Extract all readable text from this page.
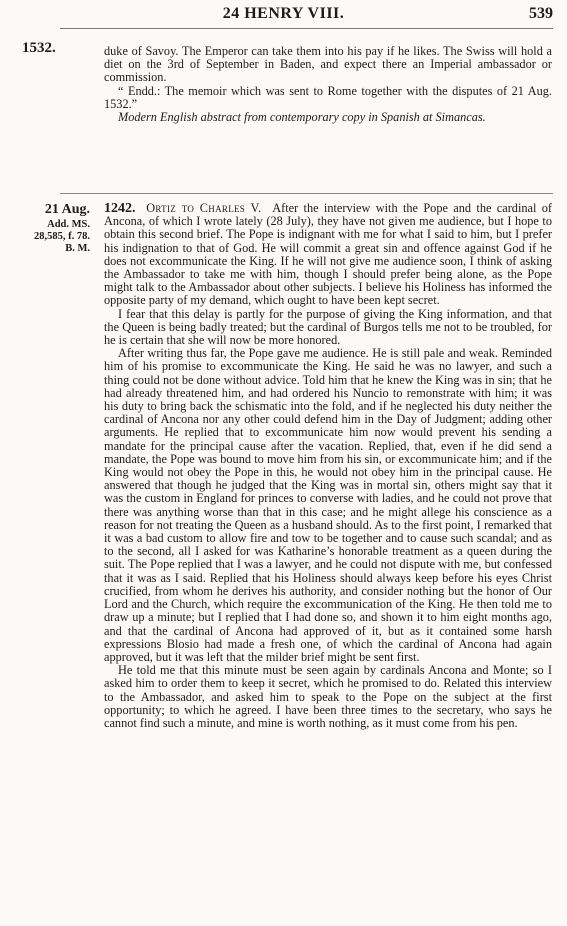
24 HENRY VIII.	539
1532.	duke of Savoy. The Emperor can take them into his pay if he likes. The Swiss will hold a diet on the 3rd of September in Baden, and expect there an Imperial ambassador or commission.

“ Endd.: The memoir which was sent to Rome together with the disputes of 21 Aug. 1532.”

Modern English abstract from contemporary copy in Spanish at Simancas.

21 Aug.
Add. MS.
28,585, f. 78.
B. M.

1242. Ortiz to Charles V. After the interview with the Pope and the cardinal of Ancona, of which I wrote lately (28 July), they have not given me audience, but I hope to obtain this second brief. The Pope is indignant with me for what I said to him, but I prefer his indignation to that of God. He will commit a great sin and offence against God if he does not excommunicate the King. If he will not give me audience soon, I think of asking the Ambassador to take me with him, though I should prefer being alone, as the Pope might talk to the Ambassador about other subjects. I believe his Holiness has informed the opposite party of my demand, which ought to have been kept secret.

I fear that this delay is partly for the purpose of giving the King information, and that the Queen is being badly treated; but the cardinal of Burgos tells me not to be troubled, for he is certain that she will now be more honored.

After writing thus far, the Pope gave me audience. He is still pale and weak. Reminded him of his promise to excommunicate the King. He said he was no lawyer, and such a thing could not be done without advice. Told him that he knew the King was in sin; that he had already threatened him, and had ordered his Nuncio to remonstrate with him; it was his duty to bring back the schismatic into the fold, and if he neglected his duty neither the cardinal of Ancona nor any other could defend him in the Day of Judgment; adding other arguments. He replied that to excommunicate him now would prevent his sending a mandate for the principal cause after the vacation. Replied, that, even if he did send a mandate, the Pope was bound to move him from his sin, or excommunicate him; and if the King would not obey the Pope in this, he would not obey him in the principal cause. He answered that though he judged that the King was in mortal sin, others might say that it was the custom in England for princes to converse with ladies, and he could not prove that there was anything worse than that in this case; and he might allege his conscience as a reason for not treating the Queen as a husband should. As to the first point, I remarked that it was a bad custom to allow fire and tow to be together and to cause such scandal; and as to the second, all I asked for was Katharine’s honorable treatment as a queen during the suit. The Pope replied that I was a lawyer, and he could not dispute with me, but confessed that it was as I said. Replied that his Holiness should always keep before his eyes Christ crucified, from whom he derives his authority, and consider nothing but the honor of Our Lord and the Church, which require the excommunication of the King. He then told me to draw up a minute; but I replied that I had done so, and shown it to him eight months ago, and that the cardinal of Ancona had approved of it, but as it contained some harsh expressions Blosio had made a fresh one, of which the cardinal of Ancona had again approved, but it was left that the milder brief might be sent first.

He told me that this minute must be seen again by cardinals Ancona and Monte; so I asked him to order them to keep it secret, which he promised to do. Related this interview to the Ambassador, and asked him to speak to the Pope on the subject at the first opportunity; to which he agreed. I have been three times to the secretary, who says he cannot find such a minute, and mine is worth nothing, as it must come from his pen.
